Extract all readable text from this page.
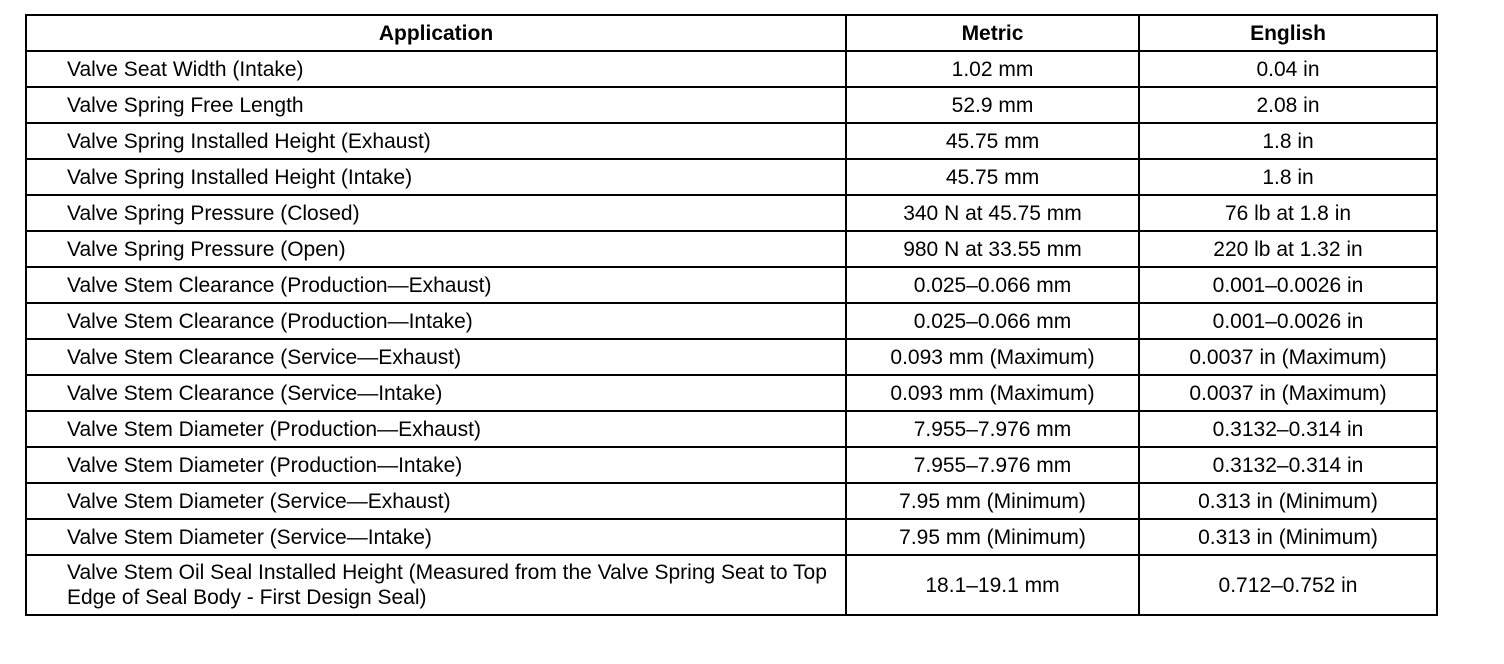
Application	Metric	English
Valve Seat Width (Intake)	1.02 mm	0.04 in
Valve Spring Free Length	52.9 mm	2.08 in
Valve Spring Installed Height (Exhaust)	45.75 mm	1.8 in
Valve Spring Installed Height (Intake)	45.75 mm	1.8 in
Valve Spring Pressure (Closed)	340 N at 45.75 mm	76 lb at 1.8 in
Valve Spring Pressure (Open)	980 N at 33.55 mm	220 lb at 1.32 in
Valve Stem Clearance (Production—Exhaust)	0.025–0.066 mm	0.001–0.0026 in
Valve Stem Clearance (Production—Intake)	0.025–0.066 mm	0.001–0.0026 in
Valve Stem Clearance (Service—Exhaust)	0.093 mm (Maximum)	0.0037 in (Maximum)
Valve Stem Clearance (Service—Intake)	0.093 mm (Maximum)	0.0037 in (Maximum)
Valve Stem Diameter (Production—Exhaust)	7.955–7.976 mm	0.3132–0.314 in
Valve Stem Diameter (Production—Intake)	7.955–7.976 mm	0.3132–0.314 in
Valve Stem Diameter (Service—Exhaust)	7.95 mm (Minimum)	0.313 in (Minimum)
Valve Stem Diameter (Service—Intake)	7.95 mm (Minimum)	0.313 in (Minimum)
Valve Stem Oil Seal Installed Height (Measured from the Valve Spring Seat to Top Edge of Seal Body - First Design Seal)	18.1–19.1 mm	0.712–0.752 in
